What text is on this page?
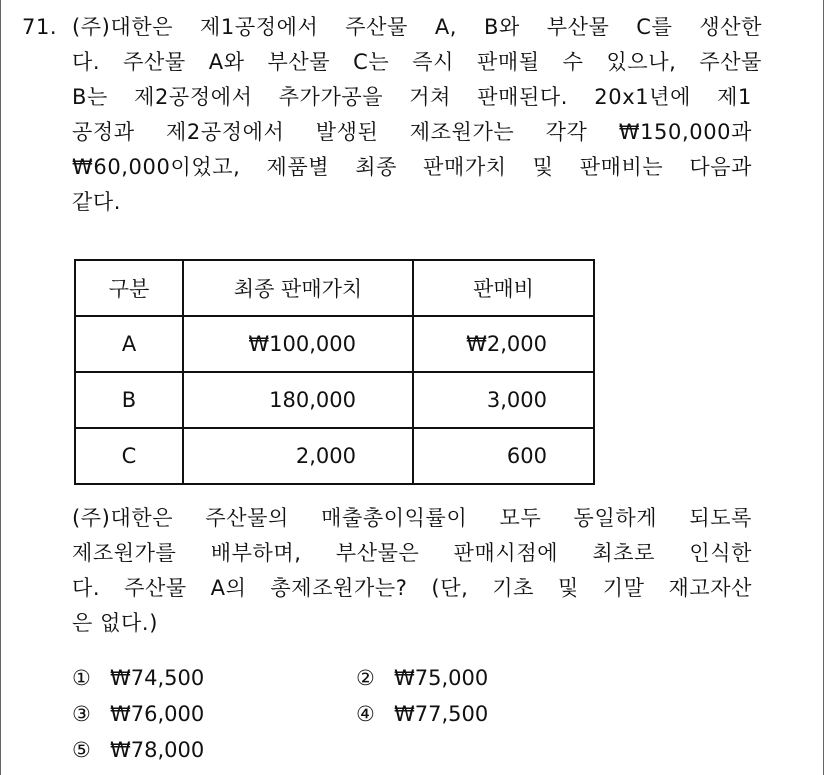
71. (주)대한은 제1공정에서 주산물 A, B와 부산물 C를 생산한
다. 주산물 A와 부산물 C는 즉시 판매될 수 있으나, 주산물
B는 제2공정에서 추가가공을 거쳐 판매된다. 20x1년에 제1
공정과 제2공정에서 발생된 제조원가는 각각 ₩150,000과
₩60,000이었고, 제품별 최종 판매가치 및 판매비는 다음과
같다.
구분	최종 판매가치	판매비
A	₩100,000	₩2,000
B	180,000	3,000
C	2,000	600
(주)대한은 주산물의 매출총이익률이 모두 동일하게 되도록
제조원가를 배부하며, 부산물은 판매시점에 최초로 인식한
다. 주산물 A의 총제조원가는? (단, 기초 및 기말 재고자산
은 없다.)
① ₩74,500	② ₩75,000
③ ₩76,000	④ ₩77,500
⑤ ₩78,000
